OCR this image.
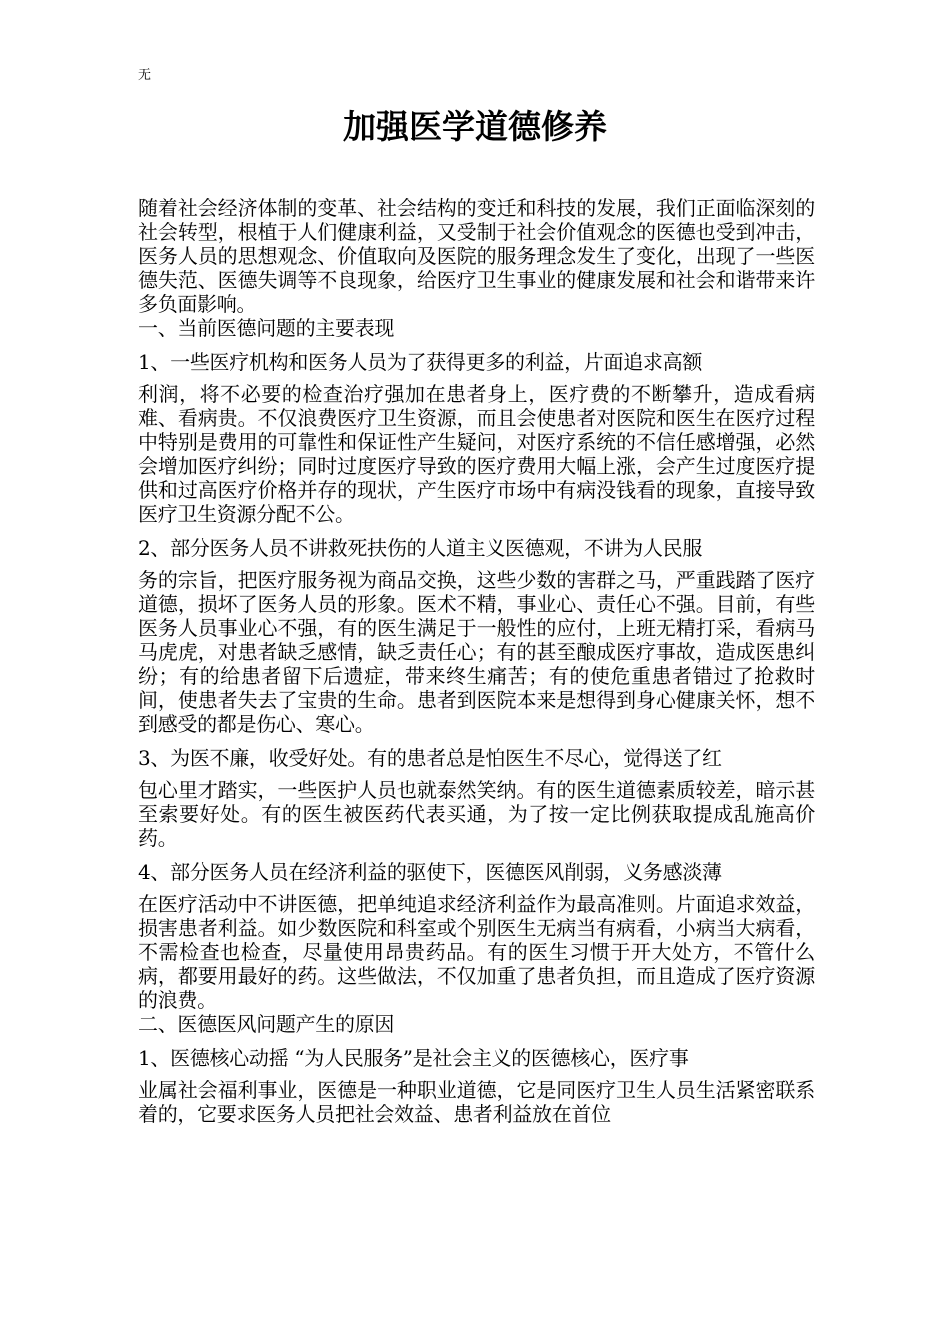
无
加强医学道德修养
随着社会经济体制的变革、社会结构的变迁和科技的发展，我们正面临深刻的社会转型，根植于人们健康利益，又受制于社会价值观念的医德也受到冲击，医务人员的思想观念、价值取向及医院的服务理念发生了变化，出现了一些医德失范、医德失调等不良现象，给医疗卫生事业的健康发展和社会和谐带来许多负面影响。
一、当前医德问题的主要表现
1、一些医疗机构和医务人员为了获得更多的利益，片面追求高额
利润，将不必要的检查治疗强加在患者身上，医疗费的不断攀升，造成看病难、看病贵。不仅浪费医疗卫生资源，而且会使患者对医院和医生在医疗过程中特别是费用的可靠性和保证性产生疑问，对医疗系统的不信任感增强，必然会增加医疗纠纷；同时过度医疗导致的医疗费用大幅上涨，会产生过度医疗提供和过高医疗价格并存的现状，产生医疗市场中有病没钱看的现象，直接导致医疗卫生资源分配不公。
2、部分医务人员不讲救死扶伤的人道主义医德观，不讲为人民服
务的宗旨，把医疗服务视为商品交换，这些少数的害群之马，严重践踏了医疗道德，损坏了医务人员的形象。医术不精，事业心、责任心不强。目前，有些医务人员事业心不强，有的医生满足于一般性的应付，上班无精打采，看病马马虎虎，对患者缺乏感情，缺乏责任心；有的甚至酿成医疗事故，造成医患纠纷；有的给患者留下后遗症，带来终生痛苦；有的使危重患者错过了抢救时间，使患者失去了宝贵的生命。患者到医院本来是想得到身心健康关怀，想不到感受的都是伤心、寒心。
3、为医不廉，收受好处。有的患者总是怕医生不尽心，觉得送了红
包心里才踏实，一些医护人员也就泰然笑纳。有的医生道德素质较差，暗示甚至索要好处。有的医生被医药代表买通，为了按一定比例获取提成乱施高价药。
4、部分医务人员在经济利益的驱使下，医德医风削弱，义务感淡薄
在医疗活动中不讲医德，把单纯追求经济利益作为最高准则。片面追求效益，损害患者利益。如少数医院和科室或个别医生无病当有病看，小病当大病看，不需检查也检查，尽量使用昂贵药品。有的医生习惯于开大处方，不管什么病，都要用最好的药。这些做法，不仅加重了患者负担，而且造成了医疗资源的浪费。
二、医德医风问题产生的原因
1、医德核心动摇 “为人民服务”是社会主义的医德核心，医疗事
业属社会福利事业，医德是一种职业道德，它是同医疗卫生人员生活紧密联系着的，它要求医务人员把社会效益、患者利益放在首位
